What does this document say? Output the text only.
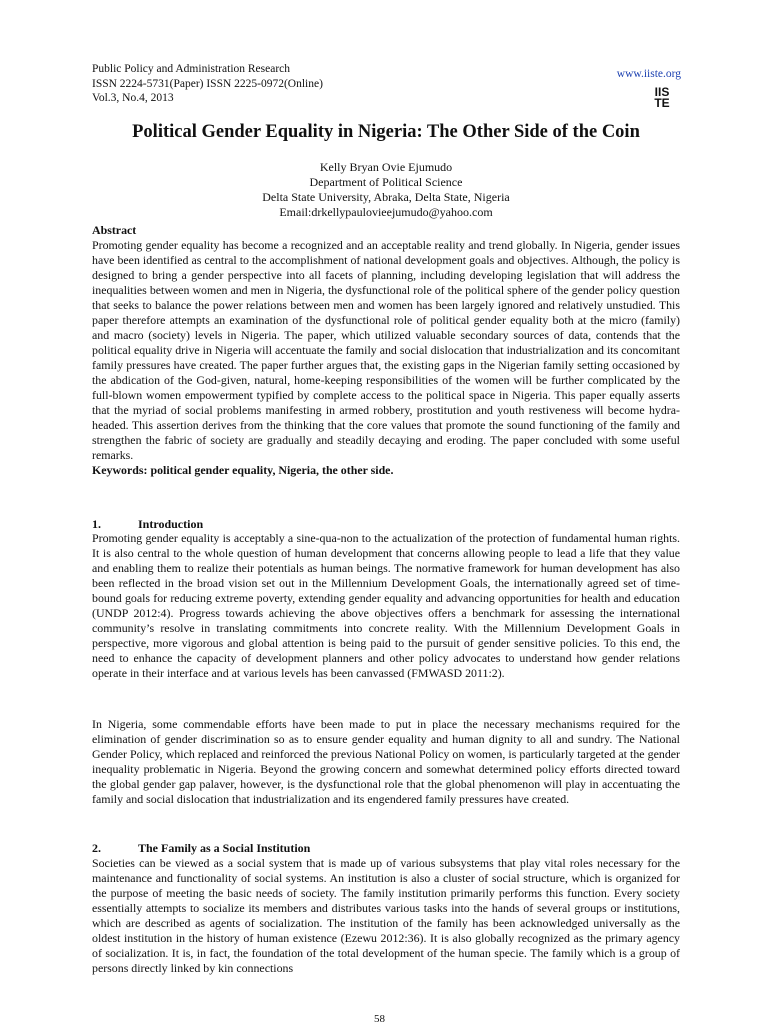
Public Policy and Administration Research
ISSN 2224-5731(Paper) ISSN 2225-0972(Online)
Vol.3, No.4, 2013
www.iiste.org
IIS
TE
Political Gender Equality in Nigeria: The Other Side of the Coin
Kelly Bryan Ovie Ejumudo
Department of Political Science
Delta State University, Abraka, Delta State, Nigeria
Email:drkellypaulovieejumudo@yahoo.com
Abstract
Promoting gender equality has become a recognized and an acceptable reality and trend globally. In Nigeria, gender issues have been identified as central to the accomplishment of national development goals and objectives. Although, the policy is designed to bring a gender perspective into all facets of planning, including developing legislation that will address the inequalities between women and men in Nigeria, the dysfunctional role of the political sphere of the gender policy question that seeks to balance the power relations between men and women has been largely ignored and relatively unstudied. This paper therefore attempts an examination of the dysfunctional role of political gender equality both at the micro (family) and macro (society) levels in Nigeria. The paper, which utilized valuable secondary sources of data, contends that the political equality drive in Nigeria will accentuate the family and social dislocation that industrialization and its concomitant family pressures have created. The paper further argues that, the existing gaps in the Nigerian family setting occasioned by the abdication of the God-given, natural, home-keeping responsibilities of the women will be further complicated by the full-blown women empowerment typified by complete access to the political space in Nigeria. This paper equally asserts that the myriad of social problems manifesting in armed robbery, prostitution and youth restiveness will become hydra-headed. This assertion derives from the thinking that the core values that promote the sound functioning of the family and strengthen the fabric of society are gradually and steadily decaying and eroding. The paper concluded with some useful remarks.
Keywords: political gender equality, Nigeria, the other side.
1.	Introduction
Promoting gender equality is acceptably a sine-qua-non to the actualization of the protection of fundamental human rights. It is also central to the whole question of human development that concerns allowing people to lead a life that they value and enabling them to realize their potentials as human beings. The normative framework for human development has also been reflected in the broad vision set out in the Millennium Development Goals, the internationally agreed set of time-bound goals for reducing extreme poverty, extending gender equality and advancing opportunities for health and education (UNDP 2012:4). Progress towards achieving the above objectives offers a benchmark for assessing the international community’s resolve in translating commitments into concrete reality. With the Millennium Development Goals in perspective, more vigorous and global attention is being paid to the pursuit of gender sensitive policies. To this end, the need to enhance the capacity of development planners and other policy advocates to understand how gender relations operate in their interface and at various levels has been canvassed (FMWASD 2011:2).
In Nigeria, some commendable efforts have been made to put in place the necessary mechanisms required for the elimination of gender discrimination so as to ensure gender equality and human dignity to all and sundry. The National Gender Policy, which replaced and reinforced the previous National Policy on women, is particularly targeted at the gender inequality problematic in Nigeria. Beyond the growing concern and somewhat determined policy efforts directed toward the global gender gap palaver, however, is the dysfunctional role that the global phenomenon will play in accentuating the family and social dislocation that industrialization and its engendered family pressures have created.
2.	The Family as a Social Institution
Societies can be viewed as a social system that is made up of various subsystems that play vital roles necessary for the maintenance and functionality of social systems. An institution is also a cluster of social structure, which is organized for the purpose of meeting the basic needs of society. The family institution primarily performs this function. Every society essentially attempts to socialize its members and distributes various tasks into the hands of several groups or institutions, which are described as agents of socialization. The institution of the family has been acknowledged universally as the oldest institution in the history of human existence (Ezewu 2012:36). It is also globally recognized as the primary agency of socialization. It is, in fact, the foundation of the total development of the human specie. The family which is a group of persons directly linked by kin connections
58
